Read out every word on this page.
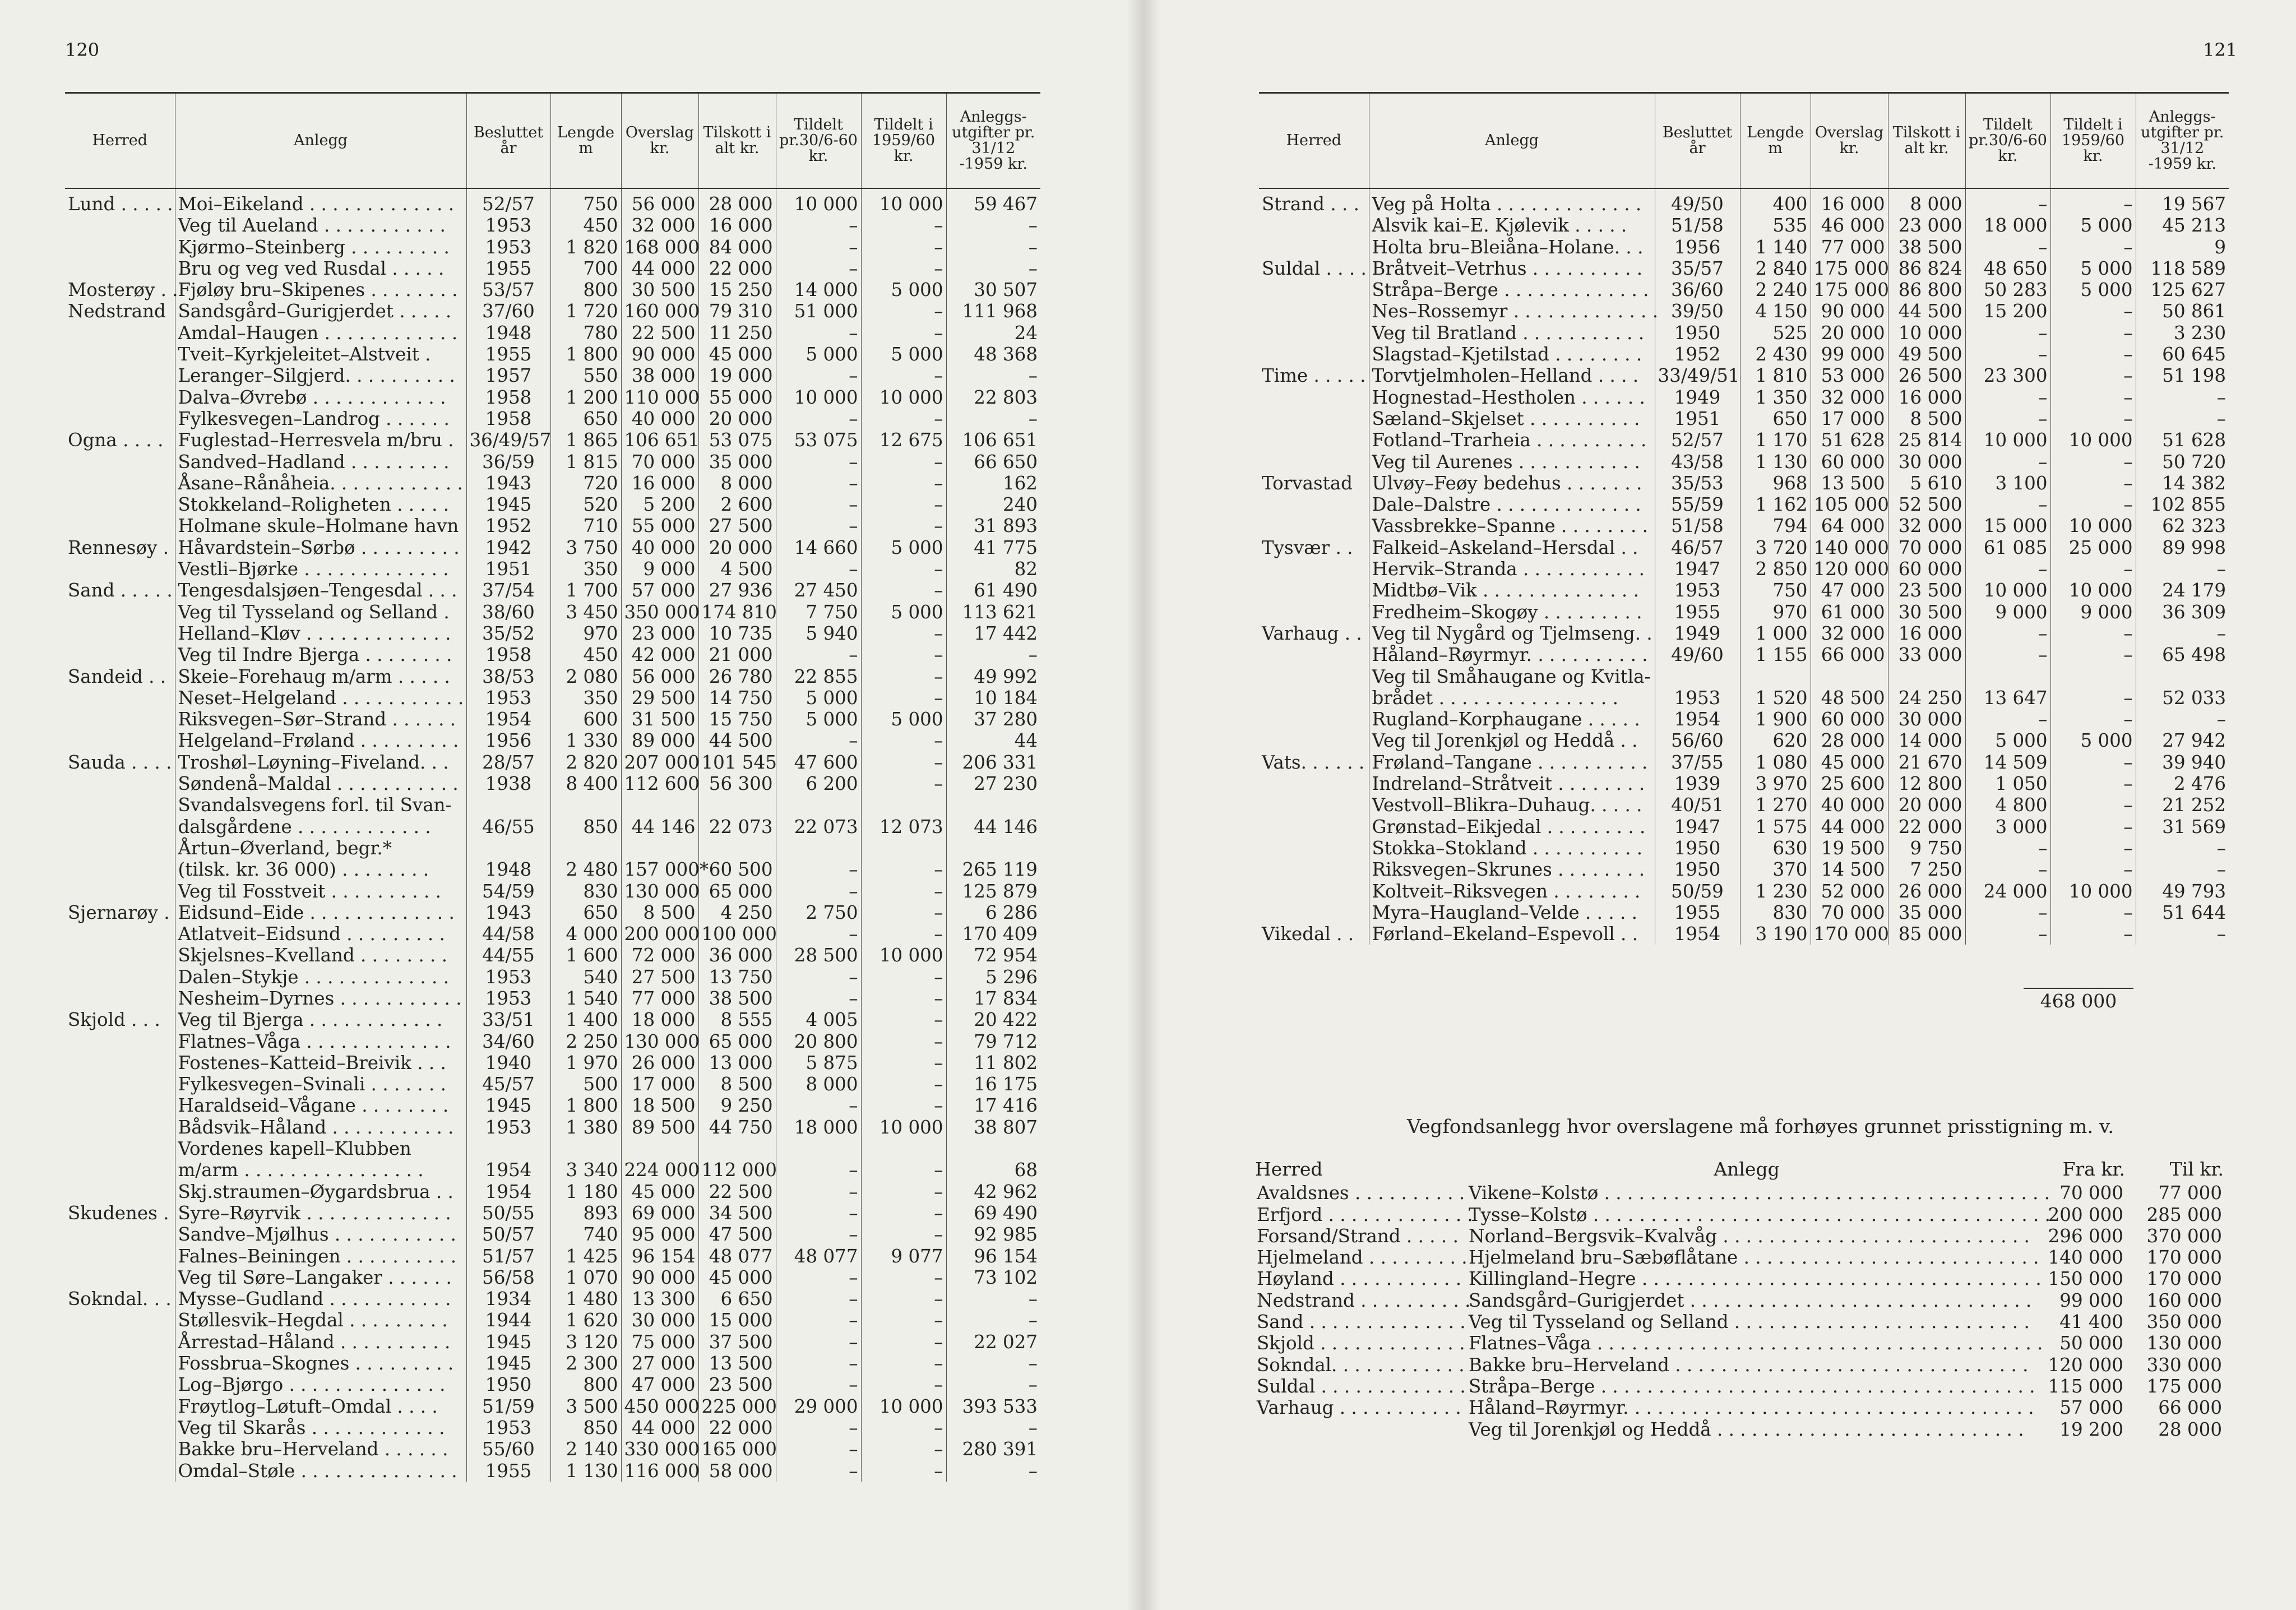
120	121
Herred	Anlegg	Besluttet år	Lengde m	Overslag kr.	Tilskott i alt kr.	Tildelt pr.30/6-60 kr.	Tildelt i 1959/60 kr.	Anleggs-utgifter pr. 31/12 -1959 kr.
Lund . . . . .	Moi–Eikeland . . . . . . . . . . . . .	52/57	750	56 000	28 000	10 000	10 000	59 467
	Veg til Aueland . . . . . . . . . . .	1953	450	32 000	16 000	–	–	–
	Kjørmo–Steinberg . . . . . . . . .	1953	1 820	168 000	84 000	–	–	–
	Bru og veg ved Rusdal . . . . .	1955	700	44 000	22 000	–	–	–
Mosterøy . .	Fjøløy bru–Skipenes . . . . . . . .	53/57	800	30 500	15 250	14 000	5 000	30 507
Nedstrand	Sandsgård–Gurigjerdet . . . . .	37/60	1 720	160 000	79 310	51 000	–	111 968
	Amdal–Haugen . . . . . . . . . . . .	1948	780	22 500	11 250	–	–	24
	Tveit–Kyrkjeleitet–Alstveit .	1955	1 800	90 000	45 000	5 000	5 000	48 368
	Leranger–Silgjerd. . . . . . . . . .	1957	550	38 000	19 000	–	–	–
	Dalva–Øvrebø . . . . . . . . . . . .	1958	1 200	110 000	55 000	10 000	10 000	22 803
	Fylkesvegen–Landrog . . . . . .	1958	650	40 000	20 000	–	–	–
Ogna . . . .	Fuglestad–Herresvela m/bru .	36/49/57	1 865	106 651	53 075	53 075	12 675	106 651
	Sandved–Hadland . . . . . . . . .	36/59	1 815	70 000	35 000	–	–	66 650
	Åsane–Rånåheia. . . . . . . . . . . .	1943	720	16 000	8 000	–	–	162
	Stokkeland–Roligheten . . . . .	1945	520	5 200	2 600	–	–	240
	Holmane skule–Holmane havn	1952	710	55 000	27 500	–	–	31 893
Rennesøy .	Håvardstein–Sørbø . . . . . . . . .	1942	3 750	40 000	20 000	14 660	5 000	41 775
	Vestli–Bjørke . . . . . . . . . . . . .	1951	350	9 000	4 500	–	–	82
Sand . . . . .	Tengesdalsjøen–Tengesdal . . .	37/54	1 700	57 000	27 936	27 450	–	61 490
	Veg til Tysseland og Selland .	38/60	3 450	350 000	174 810	7 750	5 000	113 621
	Helland–Kløv . . . . . . . . . . . . .	35/52	970	23 000	10 735	5 940	–	17 442
	Veg til Indre Bjerga . . . . . . . .	1958	450	42 000	21 000	–	–	–
Sandeid . .	Skeie–Forehaug m/arm . . . . .	38/53	2 080	56 000	26 780	22 855	–	49 992
	Neset–Helgeland . . . . . . . . . . .	1953	350	29 500	14 750	5 000	–	10 184
	Riksvegen–Sør–Strand . . . . . .	1954	600	31 500	15 750	5 000	5 000	37 280
	Helgeland–Frøland . . . . . . . . .	1956	1 330	89 000	44 500	–	–	44
Sauda . . . .	Troshøl–Løyning–Fiveland. . .	28/57	2 820	207 000	101 545	47 600	–	206 331
	Søndenå–Maldal . . . . . . . . . . .	1938	8 400	112 600	56 300	6 200	–	27 230
	Svandalsvegens forl. til Svan-							
	dalsgårdene . . . . . . . . . . . .	46/55	850	44 146	22 073	22 073	12 073	44 146
	Årtun–Øverland, begr.*							
	(tilsk. kr. 36 000) . . . . . . . .	1948	2 480	157 000*	60 500	–	–	265 119
	Veg til Fosstveit . . . . . . . . . .	54/59	830	130 000	65 000	–	–	125 879
Sjernarøy .	Eidsund–Eide . . . . . . . . . . . . .	1943	650	8 500	4 250	2 750	–	6 286
	Atlatveit–Eidsund . . . . . . . . .	44/58	4 000	200 000	100 000	–	–	170 409
	Skjelsnes–Kvelland . . . . . . . .	44/55	1 600	72 000	36 000	28 500	10 000	72 954
	Dalen–Stykje . . . . . . . . . . . . .	1953	540	27 500	13 750	–	–	5 296
	Nesheim–Dyrnes . . . . . . . . . . .	1953	1 540	77 000	38 500	–	–	17 834
Skjold . . .	Veg til Bjerga . . . . . . . . . . . .	33/51	1 400	18 000	8 555	4 005	–	20 422
	Flatnes–Våga . . . . . . . . . . . . .	34/60	2 250	130 000	65 000	20 800	–	79 712
	Fostenes–Katteid–Breivik . . .	1940	1 970	26 000	13 000	5 875	–	11 802
	Fylkesvegen–Svinali . . . . . . .	45/57	500	17 000	8 500	8 000	–	16 175
	Haraldseid–Vågane . . . . . . . .	1945	1 800	18 500	9 250	–	–	17 416
	Bådsvik–Håland . . . . . . . . . . .	1953	1 380	89 500	44 750	18 000	10 000	38 807
	Vordenes kapell–Klubben							
	m/arm . . . . . . . . . . . . . . . .	1954	3 340	224 000	112 000	–	–	68
	Skj.straumen–Øygardsbrua . .	1954	1 180	45 000	22 500	–	–	42 962
Skudenes .	Syre–Røyrvik . . . . . . . . . . . . .	50/55	893	69 000	34 500	–	–	69 490
	Sandve–Mjølhus . . . . . . . . . . .	50/57	740	95 000	47 500	–	–	92 985
	Falnes–Beiningen . . . . . . . . . .	51/57	1 425	96 154	48 077	48 077	9 077	96 154
	Veg til Søre–Langaker . . . . . .	56/58	1 070	90 000	45 000	–	–	73 102
Sokndal. . .	Mysse–Gudland . . . . . . . . . . .	1934	1 480	13 300	6 650	–	–	–
	Støllesvik–Hegdal . . . . . . . . .	1944	1 620	30 000	15 000	–	–	–
	Årrestad–Håland . . . . . . . . . .	1945	3 120	75 000	37 500	–	–	22 027
	Fossbrua–Skognes . . . . . . . . .	1945	2 300	27 000	13 500	–	–	–
	Log–Bjørgo . . . . . . . . . . . . . .	1950	800	47 000	23 500	–	–	–
	Frøytlog–Løtuft–Omdal . . . .	51/59	3 500	450 000	225 000	29 000	10 000	393 533
	Veg til Skarås . . . . . . . . . . . .	1953	850	44 000	22 000	–	–	–
	Bakke bru–Herveland . . . . . .	55/60	2 140	330 000	165 000	–	–	280 391
	Omdal–Støle . . . . . . . . . . . . . .	1955	1 130	116 000	58 000	–	–	–
Herred	Anlegg	Besluttet år	Lengde m	Overslag kr.	Tilskott i alt kr.	Tildelt pr.30/6-60 kr.	Tildelt i 1959/60 kr.	Anleggs-utgifter pr. 31/12 -1959 kr.
Strand . . .	Veg på Holta . . . . . . . . . . . . .	49/50	400	16 000	8 000	–	–	19 567
	Alsvik kai–E. Kjølevik . . . . .	51/58	535	46 000	23 000	18 000	5 000	45 213
	Holta bru–Bleiåna–Holane. . .	1956	1 140	77 000	38 500	–	–	9
Suldal . . . .	Bråtveit–Vetrhus . . . . . . . . . .	35/57	2 840	175 000	86 824	48 650	5 000	118 589
	Stråpa–Berge . . . . . . . . . . . . .	36/60	2 240	175 000	86 800	50 283	5 000	125 627
	Nes–Rossemyr . . . . . . . . . . . . .	39/50	4 150	90 000	44 500	15 200	–	50 861
	Veg til Bratland . . . . . . . . . . .	1950	525	20 000	10 000	–	–	3 230
	Slagstad–Kjetilstad . . . . . . . .	1952	2 430	99 000	49 500	–	–	60 645
Time . . . . .	Torvtjelmholen–Helland . . . .	33/49/51	1 810	53 000	26 500	23 300	–	51 198
	Hognestad–Hestholen . . . . . .	1949	1 350	32 000	16 000	–	–	–
	Sæland–Skjelset . . . . . . . . . .	1951	650	17 000	8 500	–	–	–
	Fotland–Trarheia . . . . . . . . . .	52/57	1 170	51 628	25 814	10 000	10 000	51 628
	Veg til Aurenes . . . . . . . . . . .	43/58	1 130	60 000	30 000	–	–	50 720
Torvastad	Ulvøy–Feøy bedehus . . . . . . .	35/53	968	13 500	5 610	3 100	–	14 382
	Dale–Dalstre . . . . . . . . . . . . .	55/59	1 162	105 000	52 500	–	–	102 855
	Vassbrekke–Spanne . . . . . . . .	51/58	794	64 000	32 000	15 000	10 000	62 323
Tysvær . .	Falkeid–Askeland–Hersdal . .	46/57	3 720	140 000	70 000	61 085	25 000	89 998
	Hervik–Stranda . . . . . . . . . . .	1947	2 850	120 000	60 000	–	–	–
	Midtbø–Vik . . . . . . . . . . . . . .	1953	750	47 000	23 500	10 000	10 000	24 179
	Fredheim–Skogøy . . . . . . . . .	1955	970	61 000	30 500	9 000	9 000	36 309
Varhaug . .	Veg til Nygård og Tjelmseng. .	1949	1 000	32 000	16 000	–	–	–
	Håland–Røyrmyr. . . . . . . . . . .	49/60	1 155	66 000	33 000	–	–	65 498
	Veg til Småhaugane og Kvitla-							
	brådet . . . . . . . . . . . . . . . .	1953	1 520	48 500	24 250	13 647	–	52 033
	Rugland–Korphaugane . . . . .	1954	1 900	60 000	30 000	–	–	–
	Veg til Jorenkjøl og Heddå . .	56/60	620	28 000	14 000	5 000	5 000	27 942
Vats. . . . . .	Frøland–Tangane . . . . . . . . . .	37/55	1 080	45 000	21 670	14 509	–	39 940
	Indreland–Stråtveit . . . . . . . .	1939	3 970	25 600	12 800	1 050	–	2 476
	Vestvoll–Blikra–Duhaug. . . . .	40/51	1 270	40 000	20 000	4 800	–	21 252
	Grønstad–Eikjedal . . . . . . . . .	1947	1 575	44 000	22 000	3 000	–	31 569
	Stokka–Stokland . . . . . . . . . .	1950	630	19 500	9 750	–	–	–
	Riksvegen–Skrunes . . . . . . . .	1950	370	14 500	7 250	–	–	–
	Koltveit–Riksvegen . . . . . . . .	50/59	1 230	52 000	26 000	24 000	10 000	49 793
	Myra–Haugland–Velde . . . . .	1955	830	70 000	35 000	–	–	51 644
Vikedal . .	Førland–Ekeland–Espevoll . .	1954	3 190	170 000	85 000	–	–	–
468 000
Vegfondsanlegg hvor overslagene må forhøyes grunnet prisstigning m. v.
Herred	Anlegg	Fra kr.	Til kr.
Avaldsnes . . . . . . . . . .	Vikene–Kolstø . . . . . . . . . . . . . . . . . . . . . . . . . . . . . . . . . . . . . . .	70 000	77 000
Erfjord . . . . . . . . . . . . .	Tysse–Kolstø . . . . . . . . . . . . . . . . . . . . . . . . . . . . . . . . . . . . . . . .	200 000	285 000
Forsand/Strand . . . . .	Norland–Bergsvik–Kvalvåg . . . . . . . . . . . . . . . . . . . . . . . . . . .	296 000	370 000
Hjelmeland . . . . . . . . .	Hjelmeland bru–Sæbøflåtane . . . . . . . . . . . . . . . . . . . . . . . . . .	140 000	170 000
Høyland . . . . . . . . . . .	Killingland–Hegre . . . . . . . . . . . . . . . . . . . . . . . . . . . . . . . . . . .	150 000	170 000
Nedstrand . . . . . . . . . .	Sandsgård–Gurigjerdet . . . . . . . . . . . . . . . . . . . . . . . . . . . . . .	99 000	160 000
Sand . . . . . . . . . . . . . .	Veg til Tysseland og Selland . . . . . . . . . . . . . . . . . . . . . . . . . .	41 400	350 000
Skjold . . . . . . . . . . . . .	Flatnes–Våga . . . . . . . . . . . . . . . . . . . . . . . . . . . . . . . . . . . . . . .	50 000	130 000
Sokndal. . . . . . . . . . . .	Bakke bru–Herveland . . . . . . . . . . . . . . . . . . . . . . . . . . . . . . .	120 000	330 000
Suldal . . . . . . . . . . . . .	Stråpa–Berge . . . . . . . . . . . . . . . . . . . . . . . . . . . . . . . . . . . . . .	115 000	175 000
Varhaug . . . . . . . . . . .	Håland–Røyrmyr. . . . . . . . . . . . . . . . . . . . . . . . . . . . . . . . . . . .	57 000	66 000
	Veg til Jorenkjøl og Heddå . . . . . . . . . . . . . . . . . . . . . . . . . . .	19 200	28 000
